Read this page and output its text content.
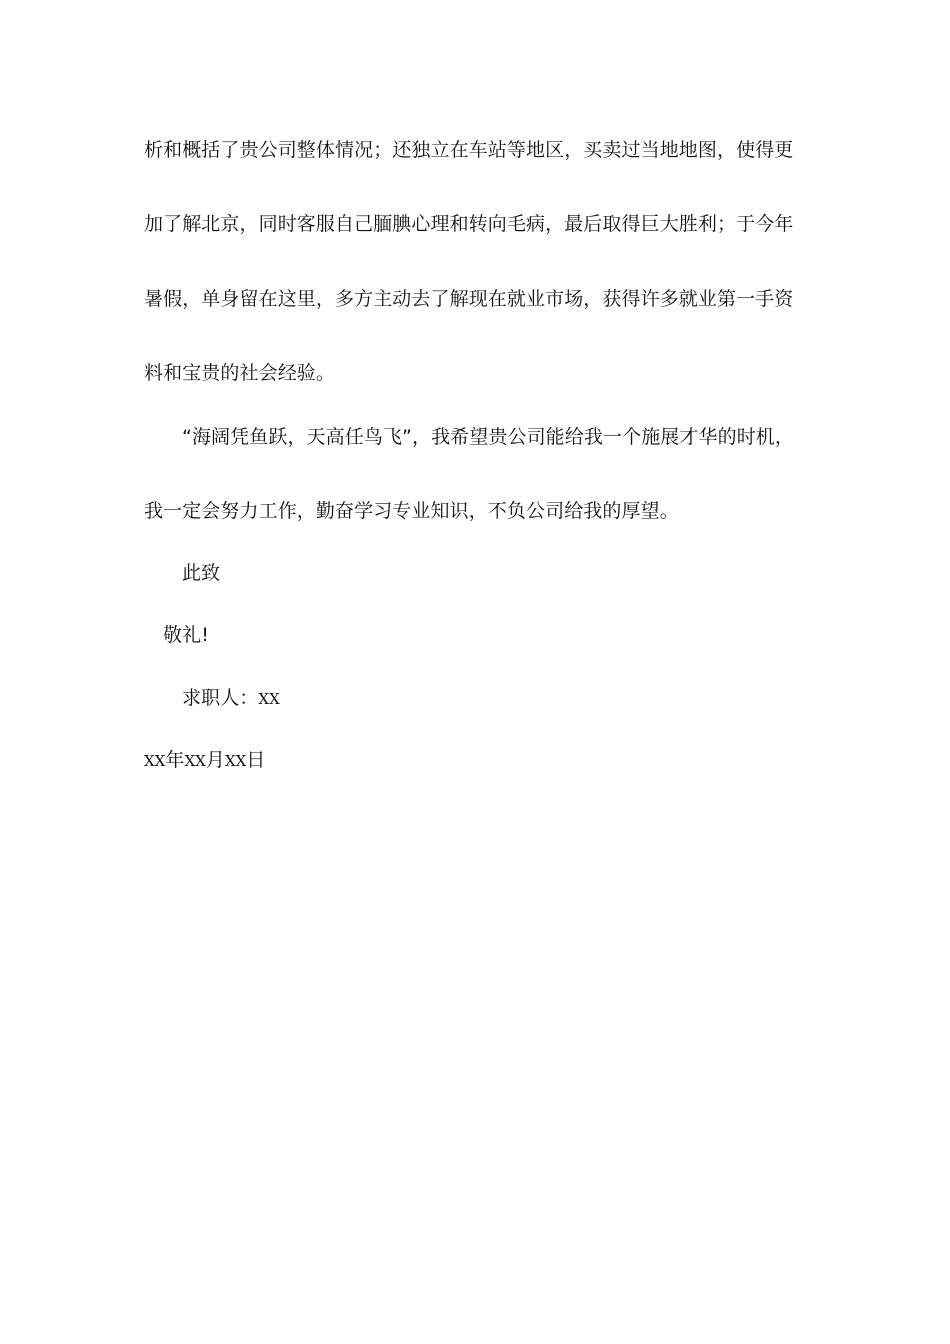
析和概括了贵公司整体情况；还独立在车站等地区，买卖过当地地图，使得更
加了解北京，同时客服自己腼腆心理和转向毛病，最后取得巨大胜利；于今年
暑假，单身留在这里，多方主动去了解现在就业市场，获得许多就业第一手资
料和宝贵的社会经验。
“海阔凭鱼跃，天高任鸟飞”，我希望贵公司能给我一个施展才华的时机，
我一定会努力工作，勤奋学习专业知识，不负公司给我的厚望。
此致
敬礼!
求职人：XX
XX年XX月XX日
